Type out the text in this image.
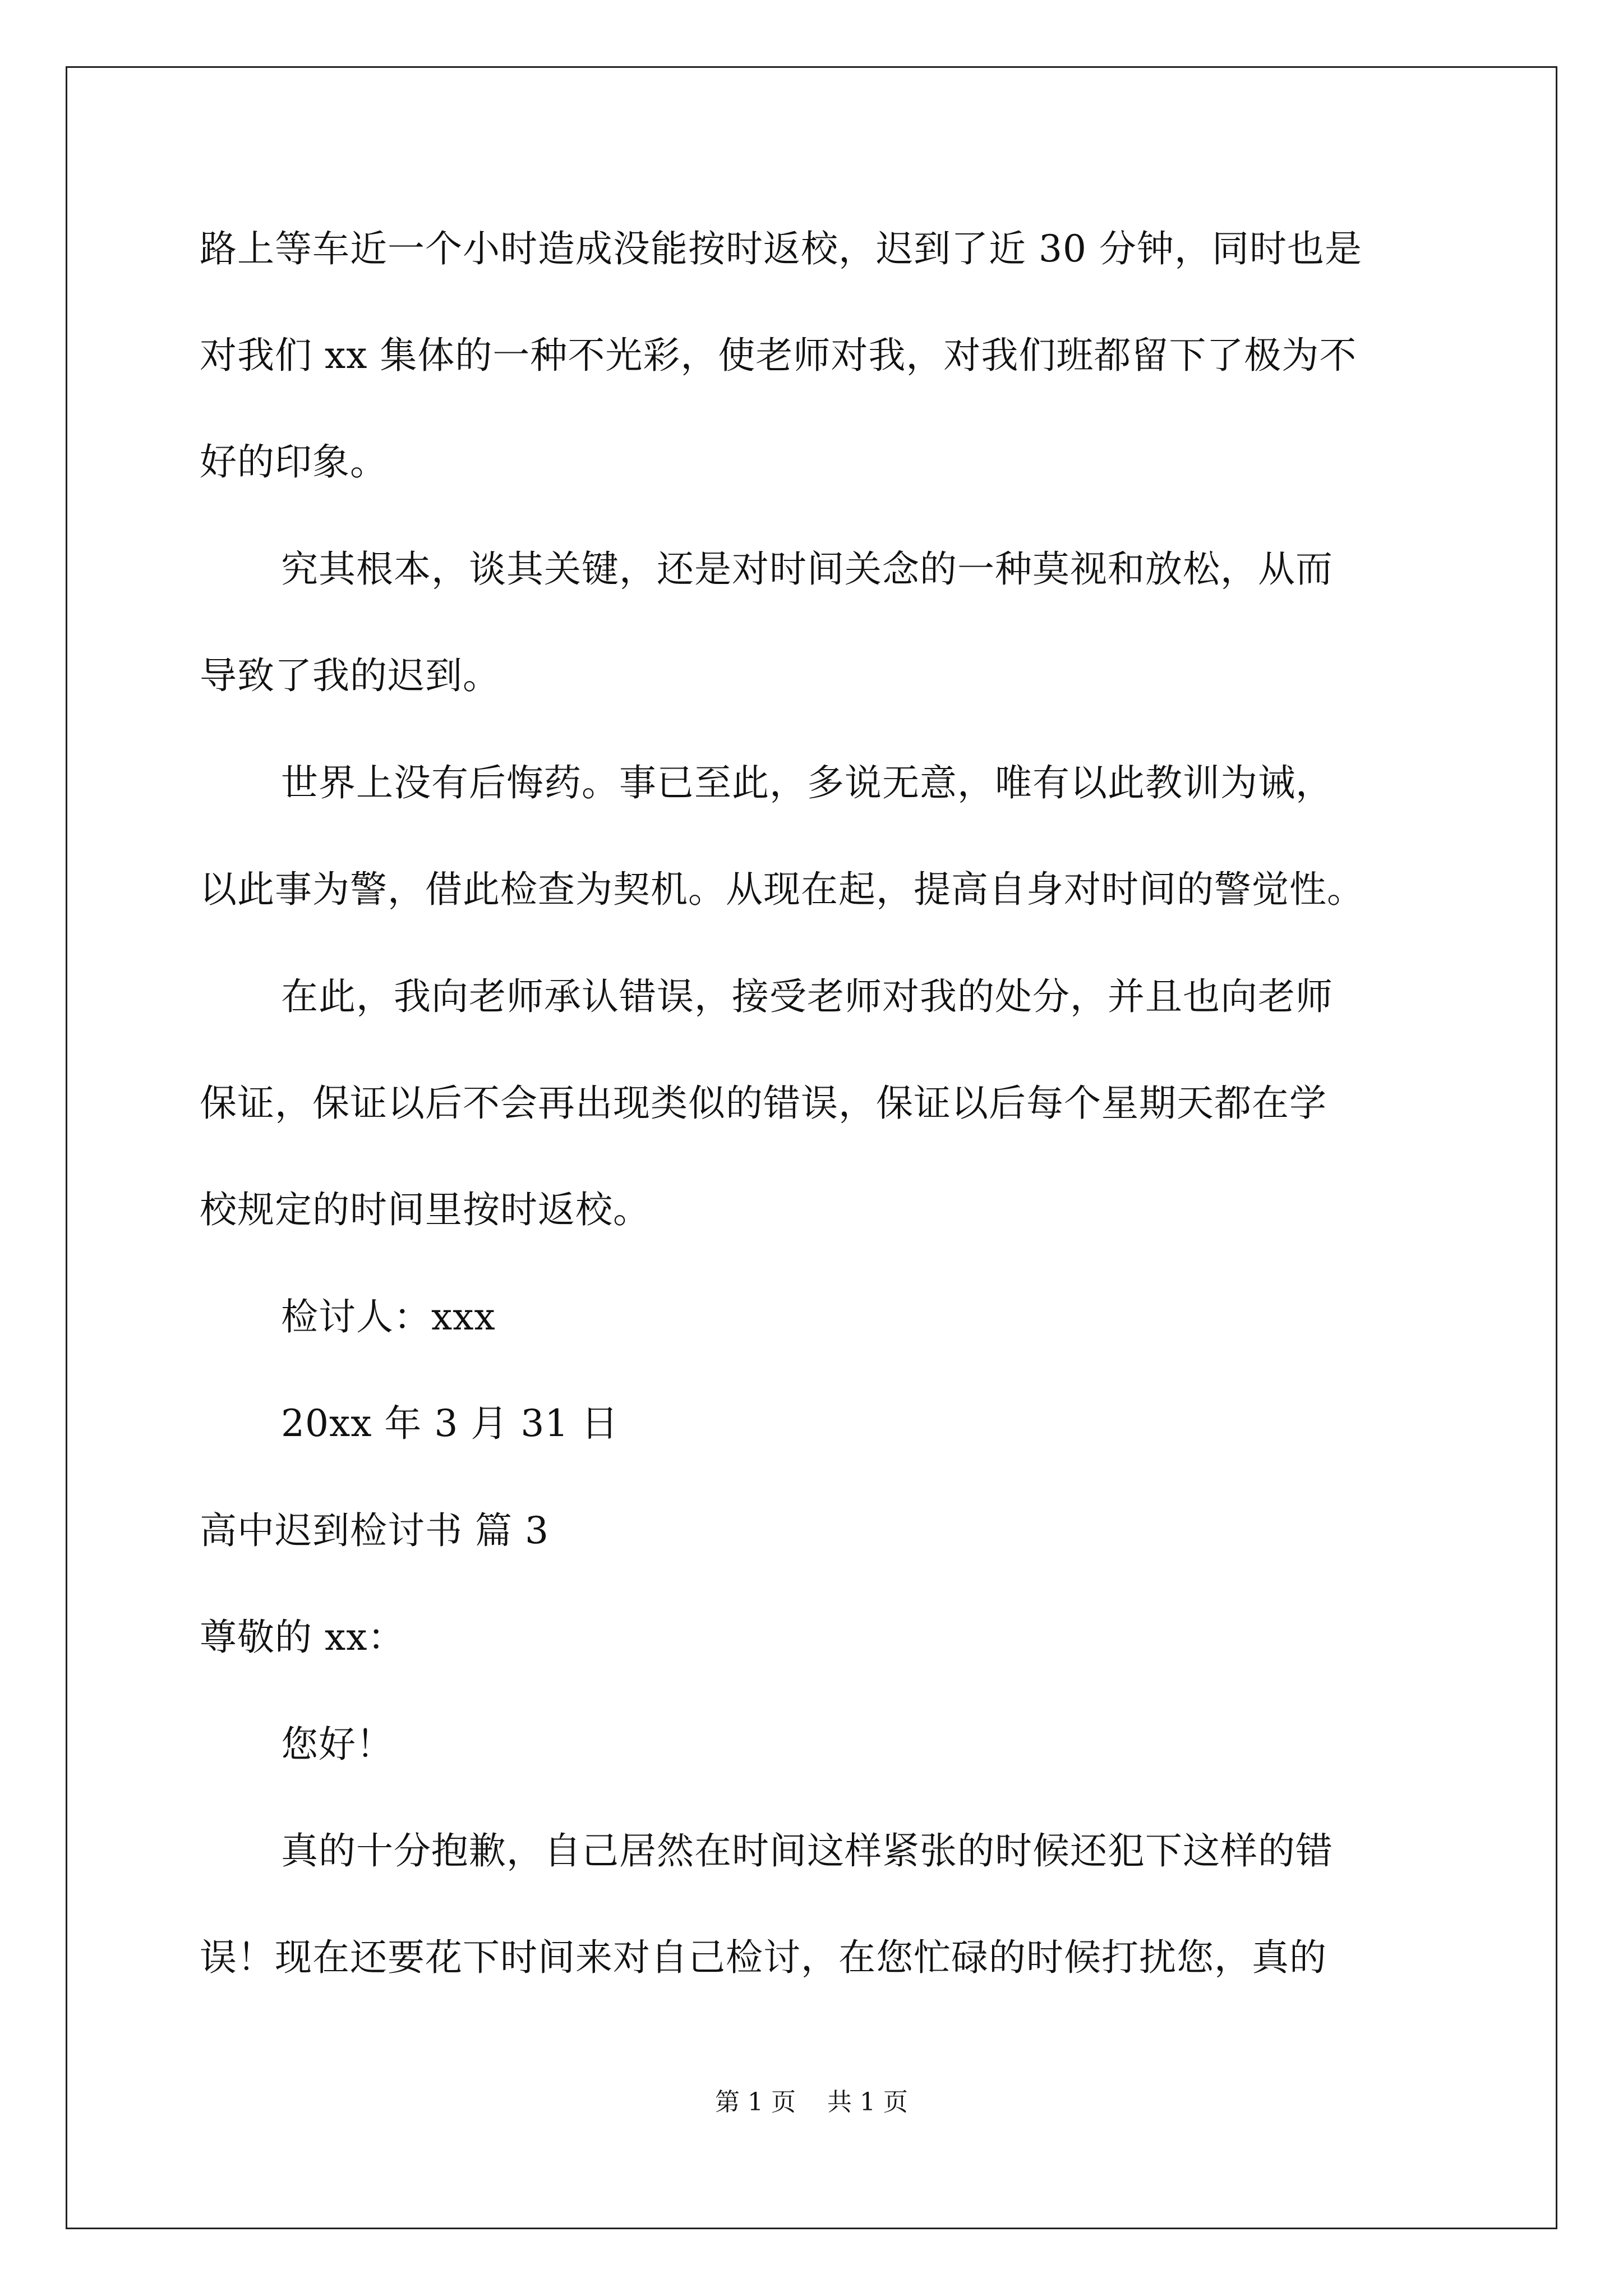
路上等车近一个小时造成没能按时返校，迟到了近 30 分钟，同时也是
对我们 xx 集体的一种不光彩，使老师对我，对我们班都留下了极为不
好的印象。
究其根本，谈其关键，还是对时间关念的一种莫视和放松，从而
导致了我的迟到。
世界上没有后悔药。事已至此，多说无意，唯有以此教训为诫，
以此事为警，借此检查为契机。从现在起，提高自身对时间的警觉性。
在此，我向老师承认错误，接受老师对我的处分，并且也向老师
保证，保证以后不会再出现类似的错误，保证以后每个星期天都在学
校规定的时间里按时返校。
检讨人：xxx
20xx 年 3 月 31 日
高中迟到检讨书 篇 3
尊敬的 xx：
您好！
真的十分抱歉，自己居然在时间这样紧张的时候还犯下这样的错
误！现在还要花下时间来对自己检讨，在您忙碌的时候打扰您，真的
第 1 页    共 1 页
